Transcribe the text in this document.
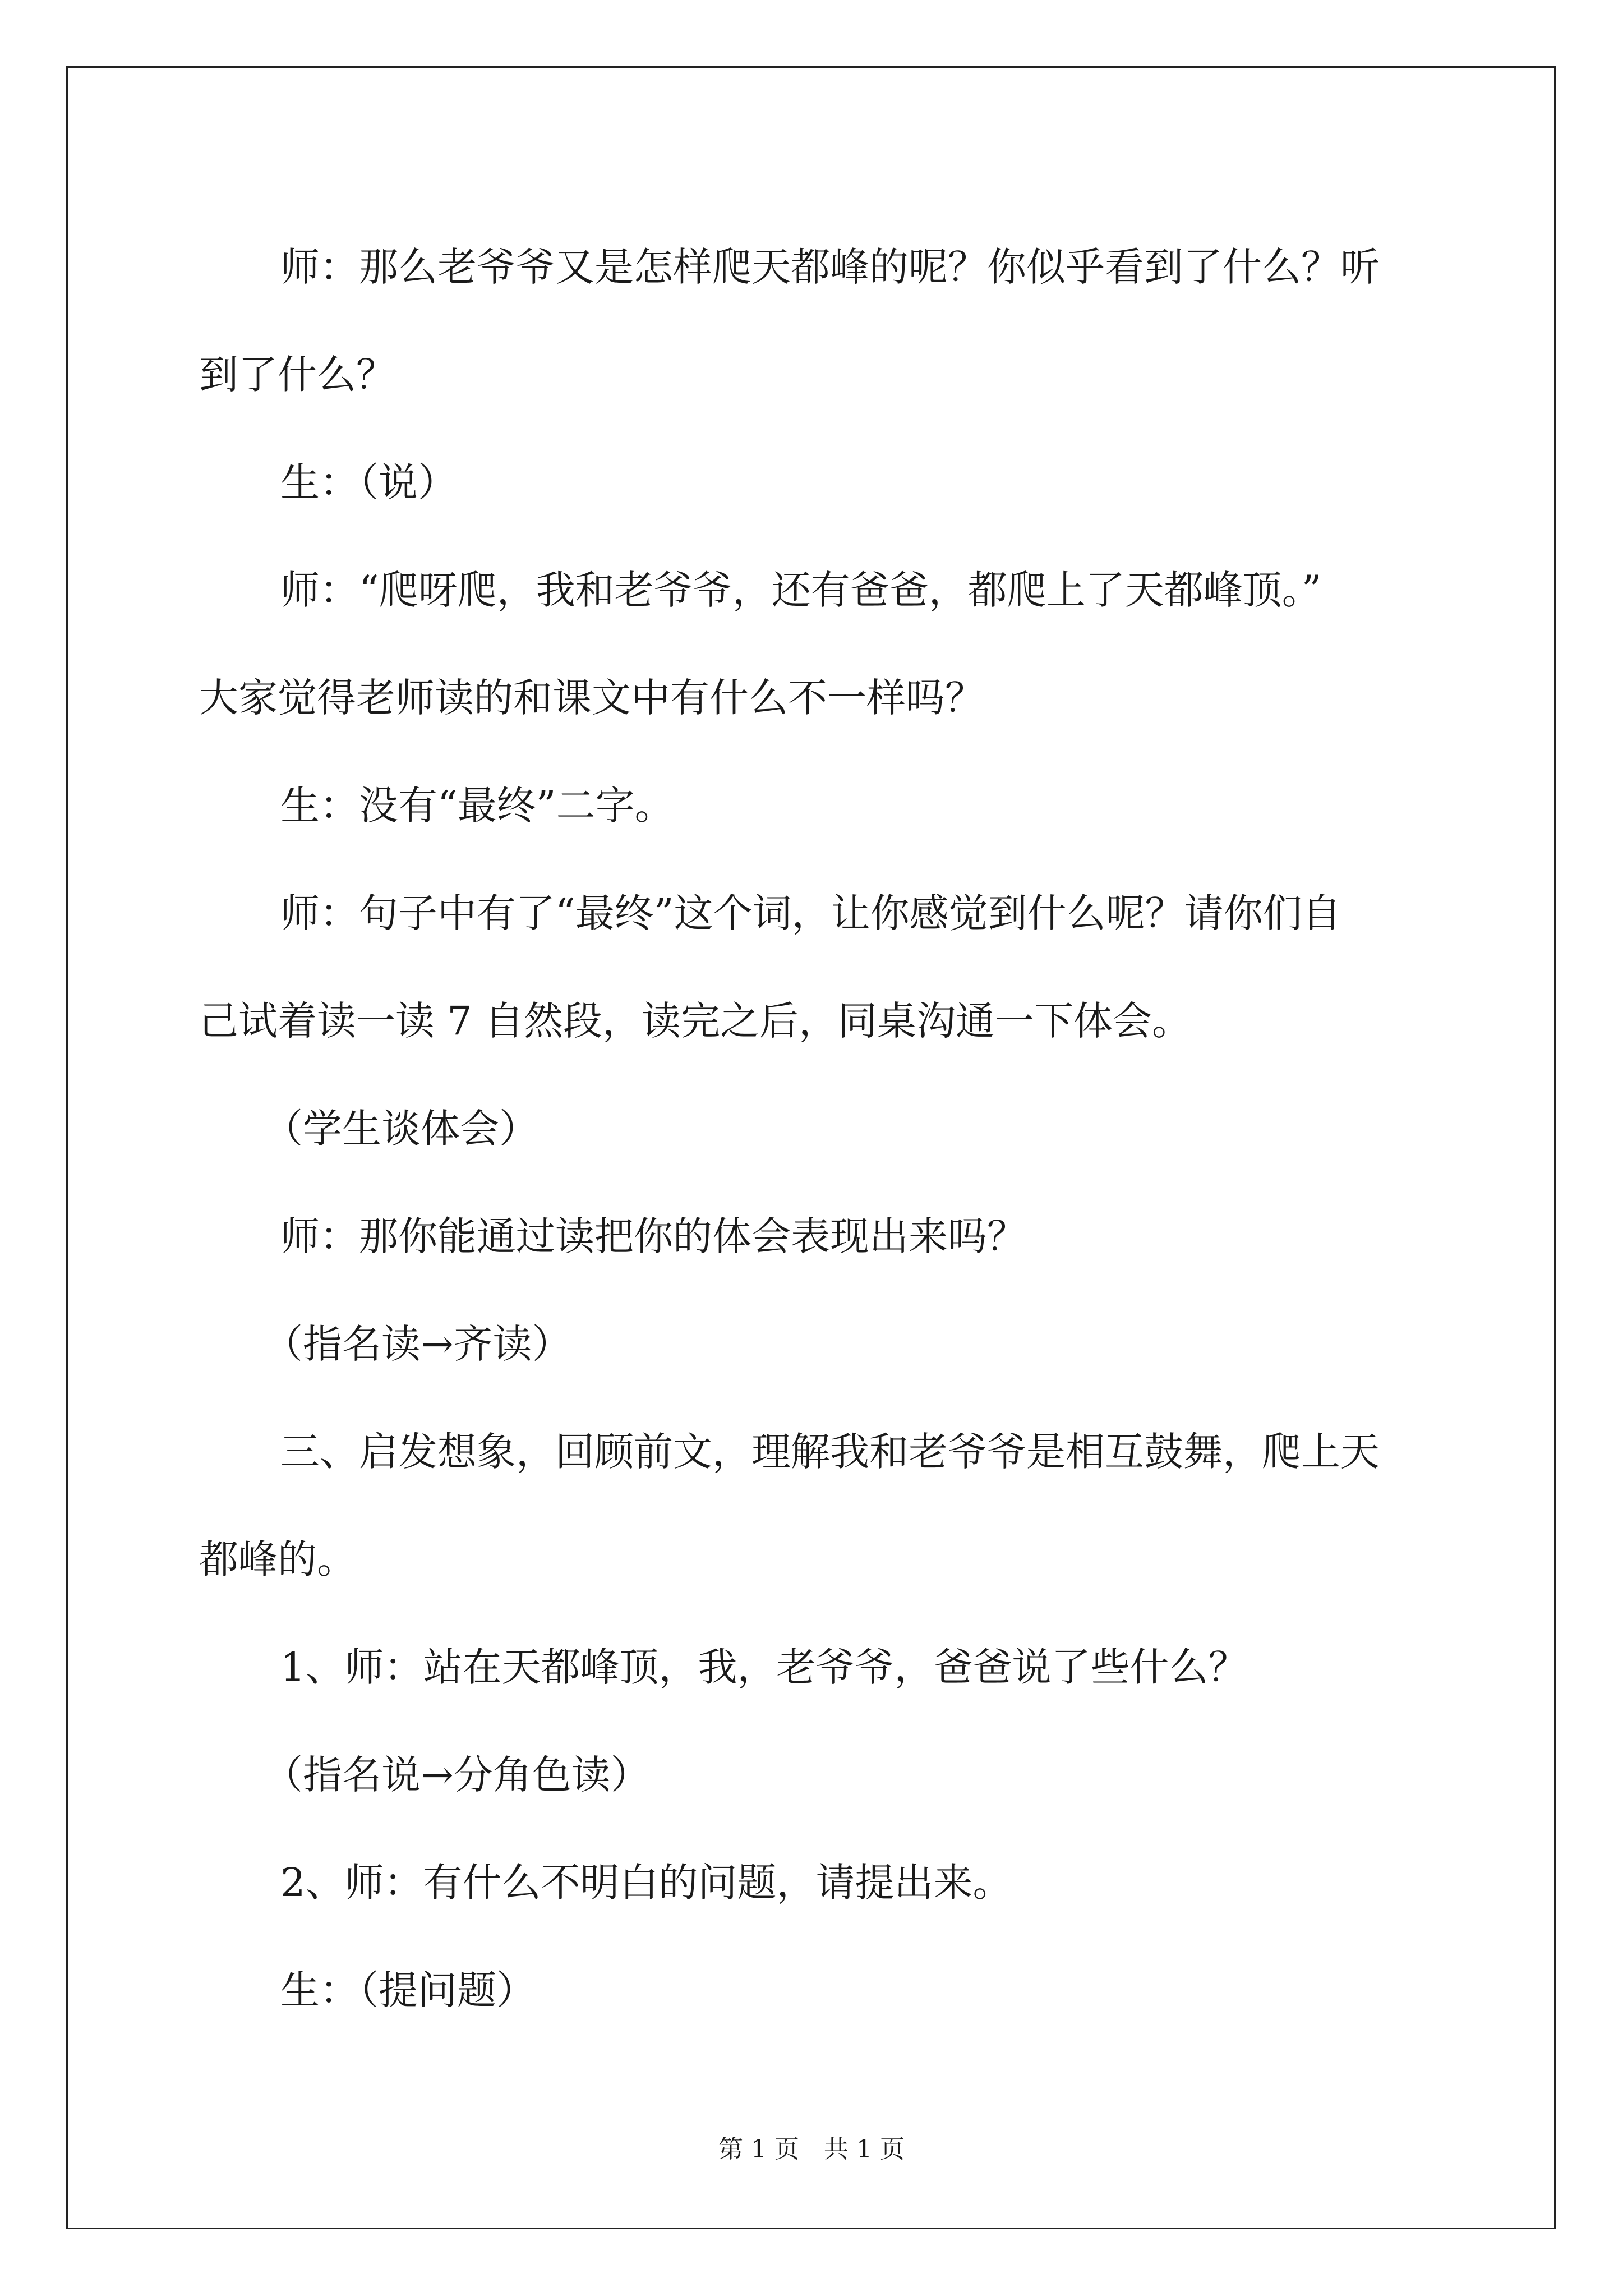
师：那么老爷爷又是怎样爬天都峰的呢？你似乎看到了什么？听

到了什么？

生：（说）

师：“爬呀爬，我和老爷爷，还有爸爸，都爬上了天都峰顶。”

大家觉得老师读的和课文中有什么不一样吗？

生：没有“最终”二字。

师：句子中有了“最终”这个词，让你感觉到什么呢？请你们自

己试着读一读 7 自然段，读完之后，同桌沟通一下体会。

（学生谈体会）

师：那你能通过读把你的体会表现出来吗？

（指名读→齐读）

三、启发想象，回顾前文，理解我和老爷爷是相互鼓舞，爬上天

都峰的。

1、师：站在天都峰顶，我，老爷爷，爸爸说了些什么？

（指名说→分角色读）

2、师：有什么不明白的问题，请提出来。

生：（提问题）

第 1 页　共 1 页
